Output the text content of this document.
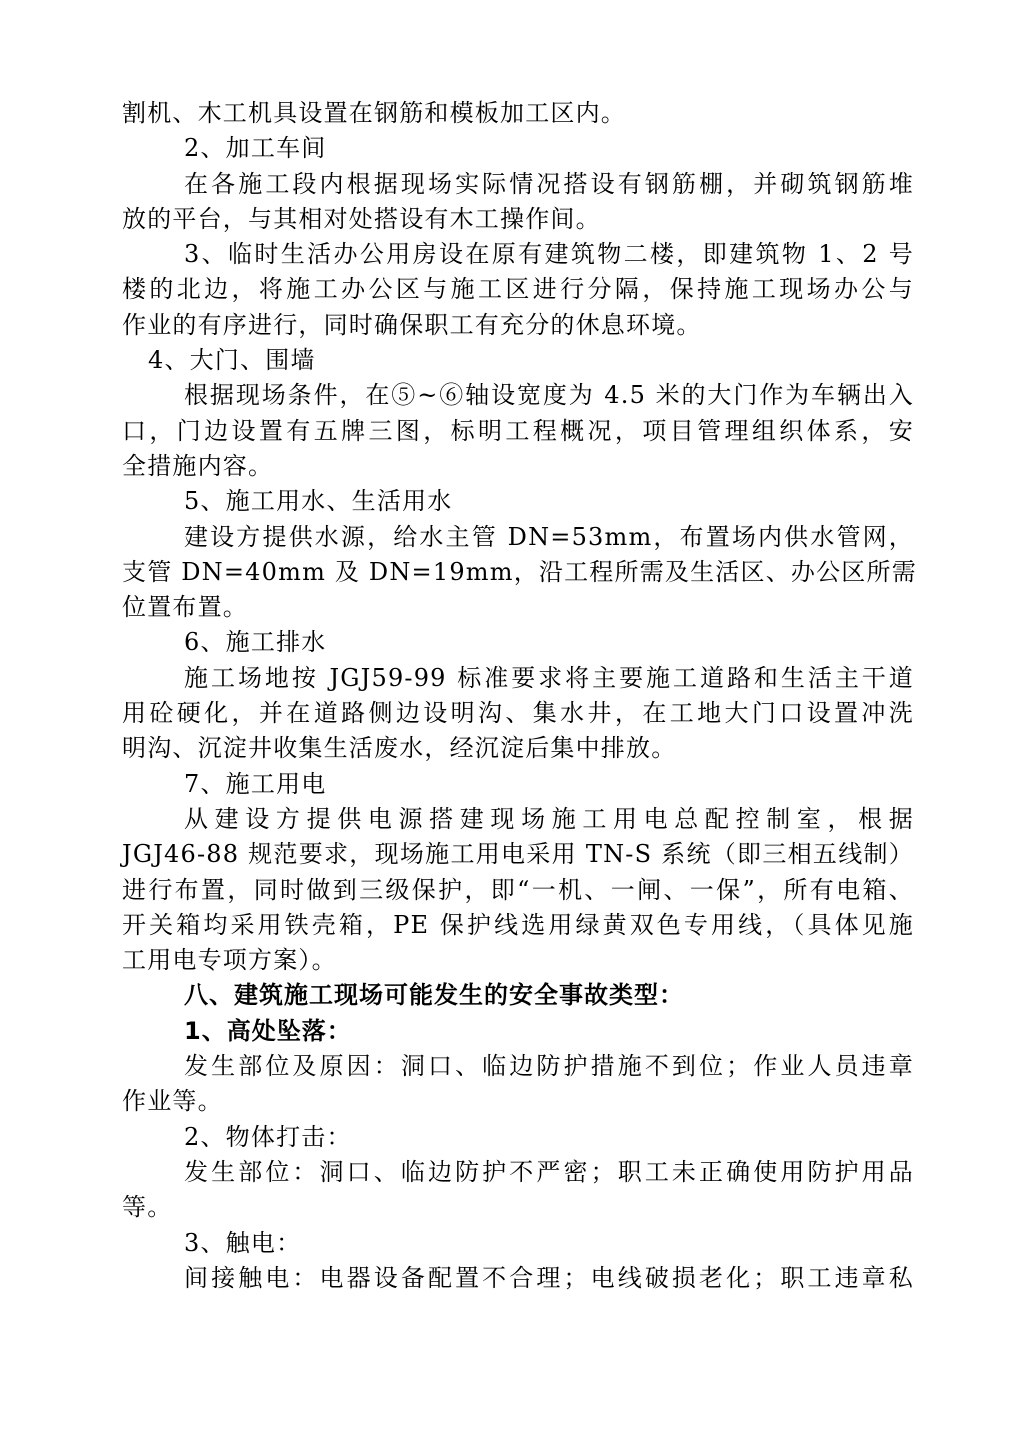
割机、木工机具设置在钢筋和模板加工区内。
2、加工车间
在各施工段内根据现场实际情况搭设有钢筋棚，并砌筑钢筋堆
放的平台，与其相对处搭设有木工操作间。
3、临时生活办公用房设在原有建筑物二楼，即建筑物 1、2 号
楼的北边，将施工办公区与施工区进行分隔，保持施工现场办公与
作业的有序进行，同时确保职工有充分的休息环境。
4、大门、围墙
根据现场条件，在⑤~⑥轴设宽度为 4.5 米的大门作为车辆出入
口，门边设置有五牌三图，标明工程概况，项目管理组织体系，安
全措施内容。
5、施工用水、生活用水
建设方提供水源，给水主管 DN=53mm，布置场内供水管网，
支管 DN=40mm 及 DN=19mm，沿工程所需及生活区、办公区所需
位置布置。
6、施工排水
施工场地按 JGJ59-99 标准要求将主要施工道路和生活主干道
用砼硬化，并在道路侧边设明沟、集水井，在工地大门口设置冲洗
明沟、沉淀井收集生活废水，经沉淀后集中排放。
7、施工用电
从建设方提供电源搭建现场施工用电总配控制室，根据
JGJ46-88 规范要求，现场施工用电采用 TN-S 系统（即三相五线制）
进行布置，同时做到三级保护，即“一机、一闸、一保”，所有电箱、
开关箱均采用铁壳箱，PE 保护线选用绿黄双色专用线，（具体见施
工用电专项方案）。
八、建筑施工现场可能发生的安全事故类型：
1、高处坠落：
发生部位及原因：洞口、临边防护措施不到位；作业人员违章
作业等。
2、物体打击：
发生部位：洞口、临边防护不严密；职工未正确使用防护用品
等。
3、触电：
间接触电：电器设备配置不合理；电线破损老化；职工违章私
